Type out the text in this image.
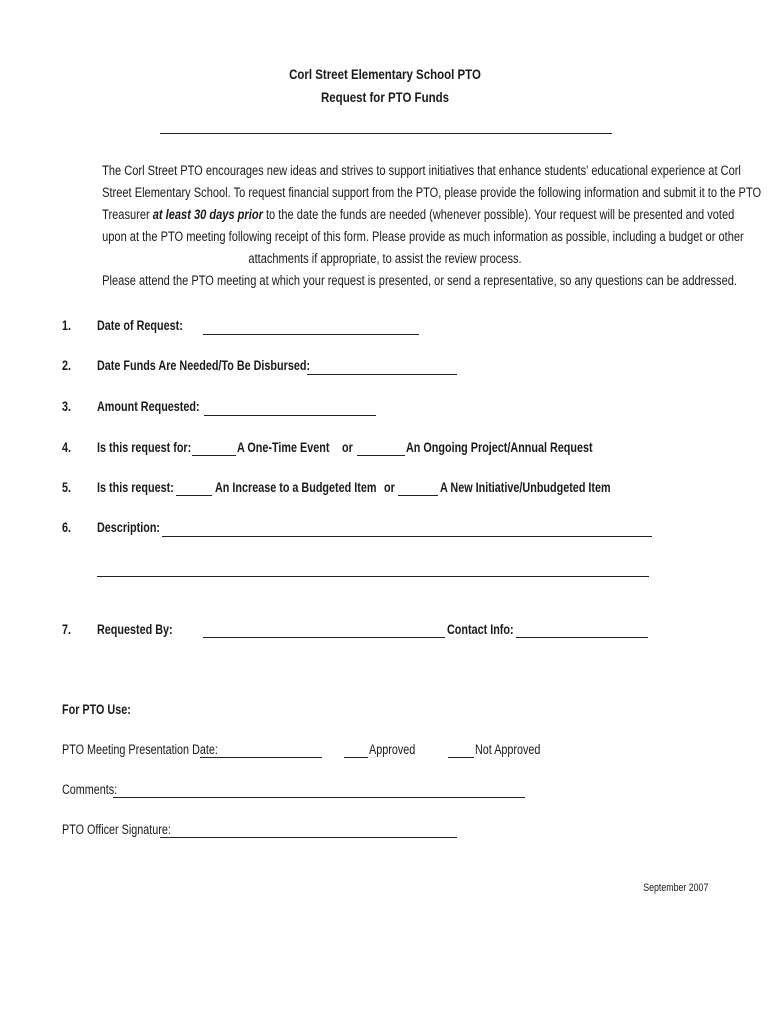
Corl Street Elementary School PTO
Request for PTO Funds
The Corl Street PTO encourages new ideas and strives to support initiatives that enhance students' educational experience at Corl
Street Elementary School. To request financial support from the PTO, please provide the following information and submit it to the PTO
Treasurer at least 30 days prior to the date the funds are needed (whenever possible). Your request will be presented and voted
upon at the PTO meeting following receipt of this form. Please provide as much information as possible, including a budget or other
attachments if appropriate, to assist the review process.
Please attend the PTO meeting at which your request is presented, or send a representative, so any questions can be addressed.
1. Date of Request:
2. Date Funds Are Needed/To Be Disbursed:
3. Amount Requested:
4. Is this request for:	A One-Time Event or	An Ongoing Project/Annual Request
5. Is this request:	An Increase to a Budgeted Item or	A New Initiative/Unbudgeted Item
6. Description:
7. Requested By:	Contact Info:
For PTO Use:
PTO Meeting Presentation Date:	Approved	Not Approved
Comments:
PTO Officer Signature:
September 2007
